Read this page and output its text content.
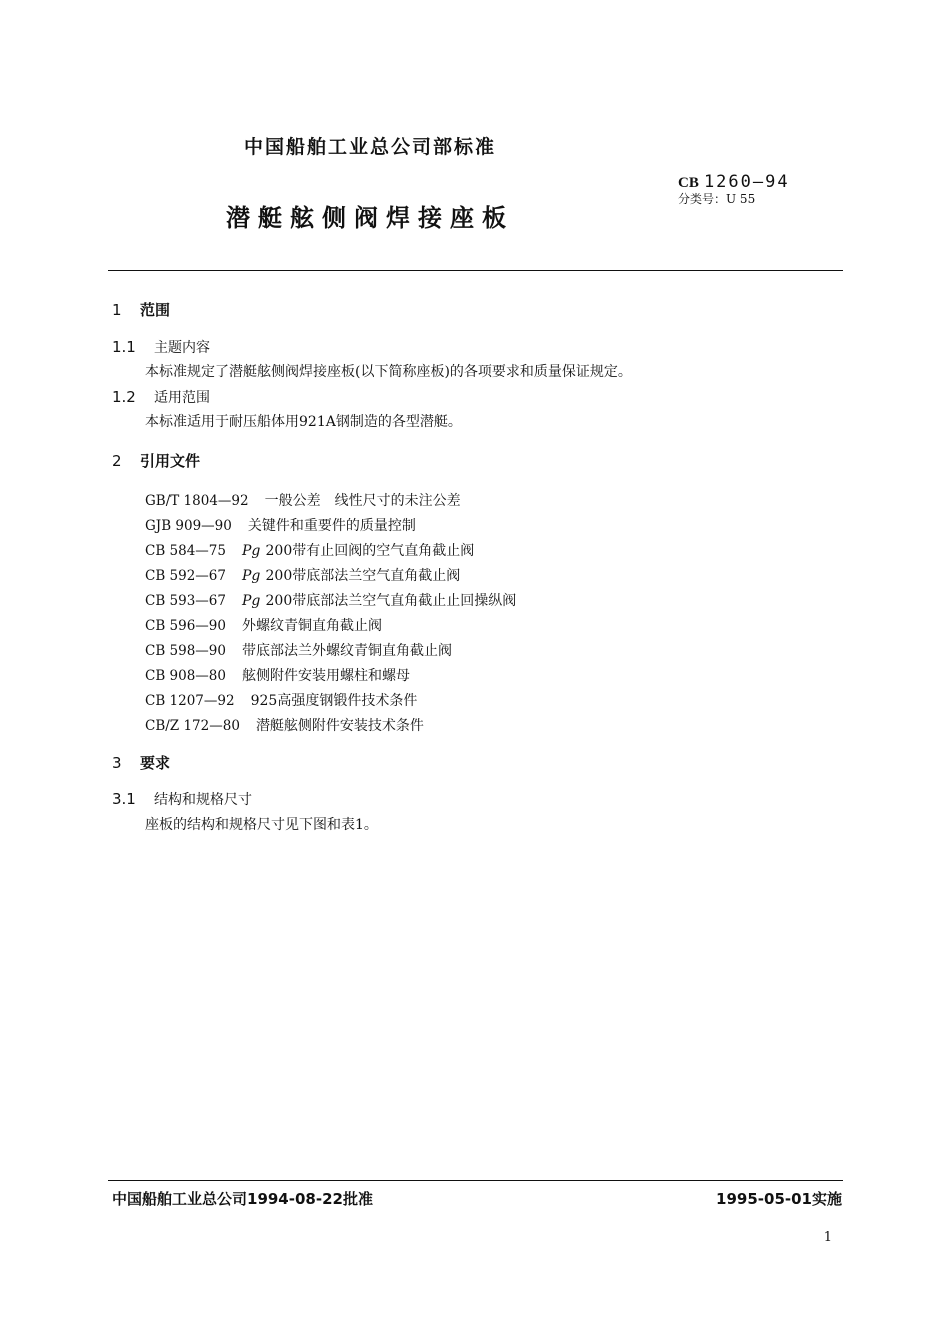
中国船舶工业总公司部标准
潜艇舷侧阀焊接座板
CB 1260—94
分类号：U 55
1 范围
1.1 主题内容
本标准规定了潜艇舷侧阀焊接座板(以下简称座板)的各项要求和质量保证规定。
1.2 适用范围
本标准适用于耐压船体用921A钢制造的各型潜艇。
2 引用文件
GB/T 1804—92　 一般公差　线性尺寸的未注公差
GJB 909—90　 关键件和重要件的质量控制
CB 584—75　 Pg 200带有止回阀的空气直角截止阀
CB 592—67　 Pg 200带底部法兰空气直角截止阀
CB 593—67　 Pg 200带底部法兰空气直角截止止回操纵阀
CB 596—90　 外螺纹青铜直角截止阀
CB 598—90　 带底部法兰外螺纹青铜直角截止阀
CB 908—80　 舷侧附件安装用螺柱和螺母
CB 1207—92　 925高强度钢锻件技术条件
CB/Z 172—80　 潜艇舷侧附件安装技术条件
3 要求
3.1 结构和规格尺寸
座板的结构和规格尺寸见下图和表1。
中国船舶工业总公司1994-08-22批准	1995-05-01实施
1
